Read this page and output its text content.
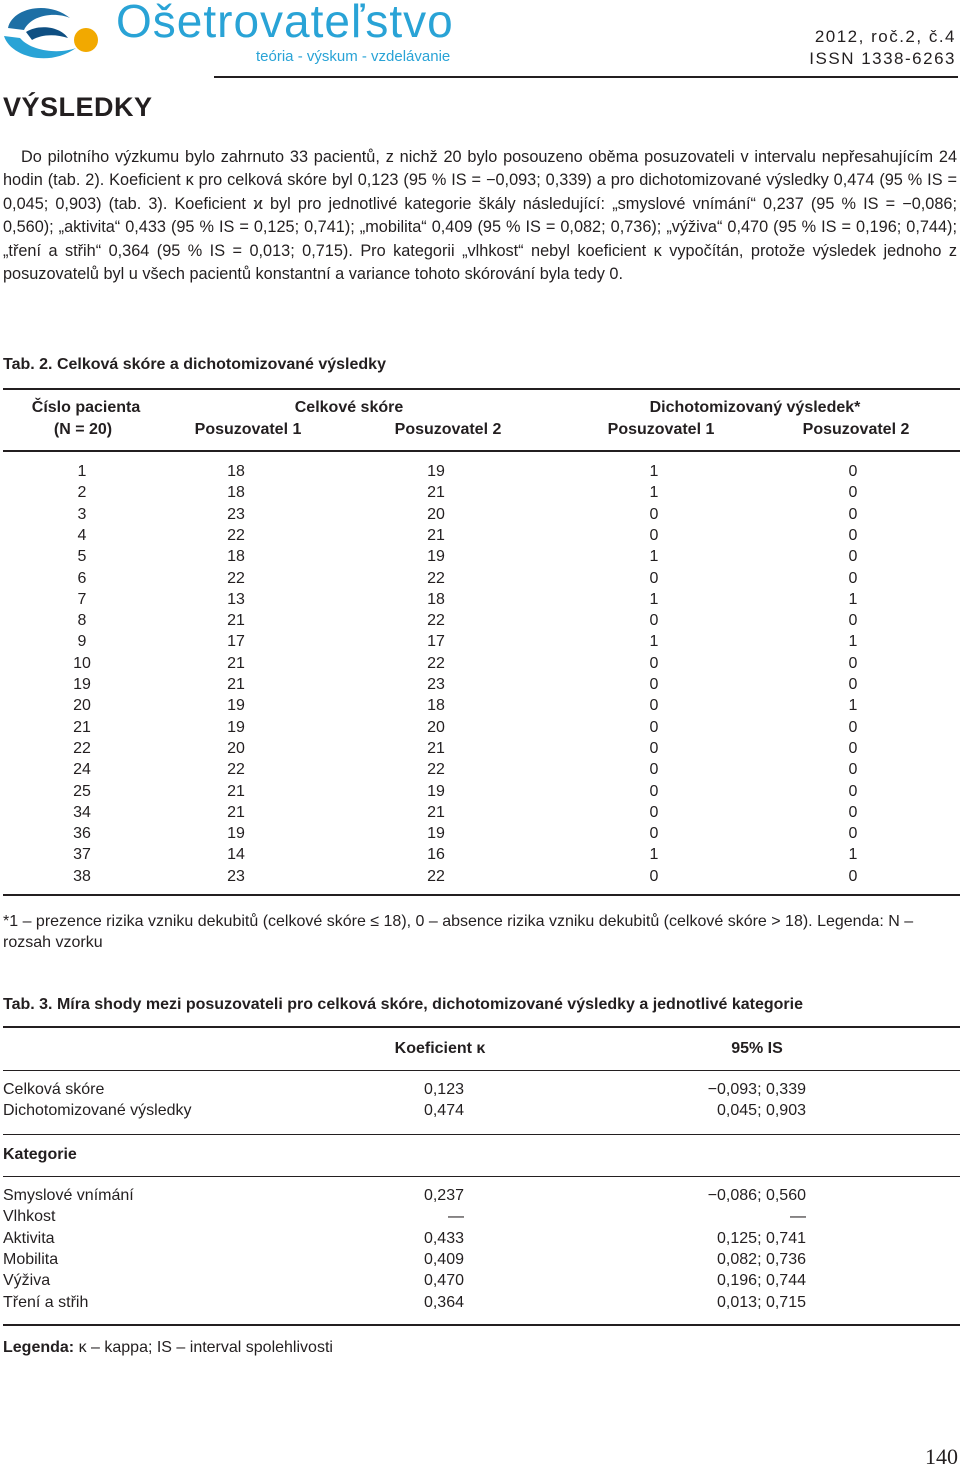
Ošetrovateľstvo
teória - výskum - vzdelávanie
2012, roč.2, č.4
ISSN 1338-6263
VÝSLEDKY

Do pilotního výzkumu bylo zahrnuto 33 pacientů, z nichž 20 bylo posouzeno oběma posuzovateli v intervalu nepřesahujícím 24 hodin (tab. 2). Koeficient κ pro celková skóre byl 0,123 (95 % IS = −0,093; 0,339) a pro dichotomizované výsledky 0,474 (95 % IS = 0,045; 0,903) (tab. 3). Koeficient ϰ byl pro jednotlivé kategorie škály následující: „smyslové vnímání“ 0,237 (95 % IS = −0,086; 0,560); „aktivita“ 0,433 (95 % IS = 0,125; 0,741); „mobilita“ 0,409 (95 % IS = 0,082; 0,736); „výživa“ 0,470 (95 % IS = 0,196; 0,744); „tření a střih“ 0,364 (95 % IS = 0,013; 0,715). Pro kategorii „vlhkost“ nebyl koeficient κ vypočítán, protože výsledek jednoho z posuzovatelů byl u všech pacientů konstantní a variance tohoto skórování byla tedy 0.

Tab. 2. Celková skóre a dichotomizované výsledky
Číslo pacienta
(N = 20)
Celkové skóre	Dichotomizovaný výsledek*
Posuzovatel 1	Posuzovatel 2	Posuzovatel 1	Posuzovatel 2
1	18	19	1	0
2	18	21	1	0
3	23	20	0	0
4	22	21	0	0
5	18	19	1	0
6	22	22	0	0
7	13	18	1	1
8	21	22	0	0
9	17	17	1	1
10	21	22	0	0
19	21	23	0	0
20	19	18	0	1
21	19	20	0	0
22	20	21	0	0
24	22	22	0	0
25	21	19	0	0
34	21	21	0	0
36	19	19	0	0
37	14	16	1	1
38	23	22	0	0
*1 – prezence rizika vzniku dekubitů (celkové skóre ≤ 18), 0 – absence rizika vzniku dekubitů (celkové skóre > 18). Legenda: N – rozsah vzorku
Tab. 3. Míra shody mezi posuzovateli pro celková skóre, dichotomizované výsledky a jednotlivé kategorie
Koeficient κ	95% IS
Celková skóre	0,123	−0,093; 0,339
Dichotomizované výsledky	0,474	0,045; 0,903
Kategorie
Smyslové vnímání	0,237	−0,086; 0,560
Vlhkost	—	—
Aktivita	0,433	0,125; 0,741
Mobilita	0,409	0,082; 0,736
Výživa	0,470	0,196; 0,744
Tření a střih	0,364	0,013; 0,715
Legenda: κ – kappa; IS – interval spolehlivosti
140
